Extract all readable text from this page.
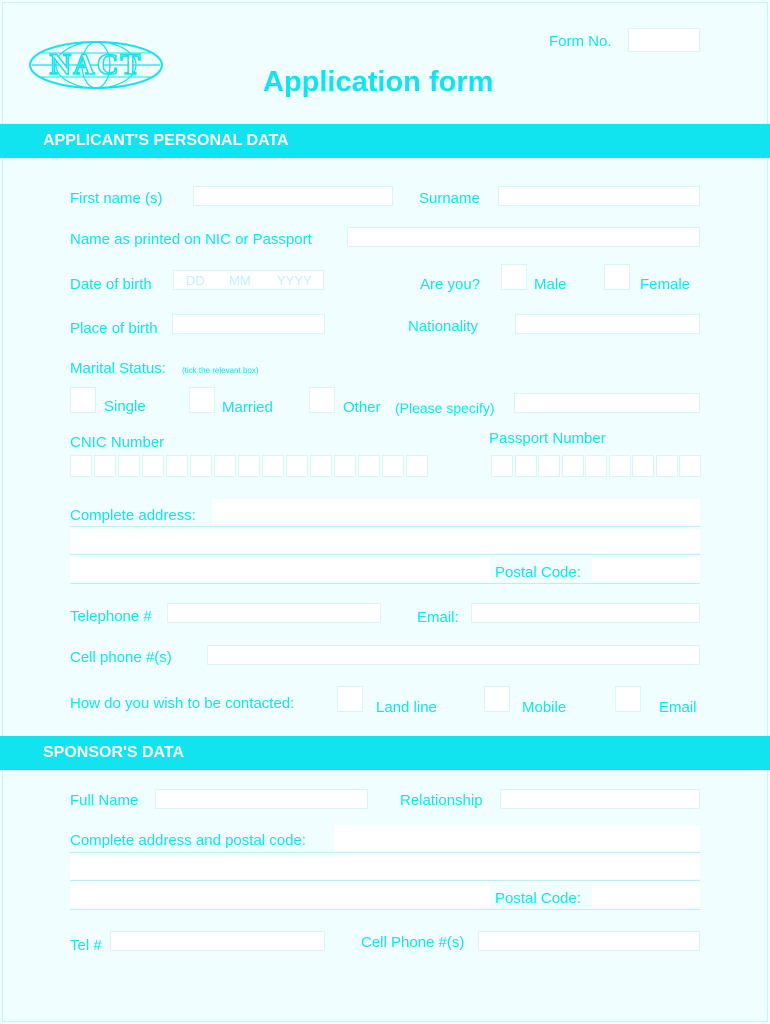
NACT
Form No.
Application form
APPLICANT'S PERSONAL DATA
First name (s)	Surname
Name as printed on NIC or Passport
Date of birth	DD MM YYYY	Are you?	Male	Female
Place of birth	Nationality
Marital Status: (tick the relevant box)
Single	Married	Other (Please specify)
CNIC Number	Passport Number
Complete address:
Postal Code:
Telephone #	Email:
Cell phone #(s)
How do you wish to be contacted:	Land line	Mobile	Email
SPONSOR'S DATA
Full Name	Relationship
Complete address and postal code:
Postal Code:
Tel #	Cell Phone #(s)
